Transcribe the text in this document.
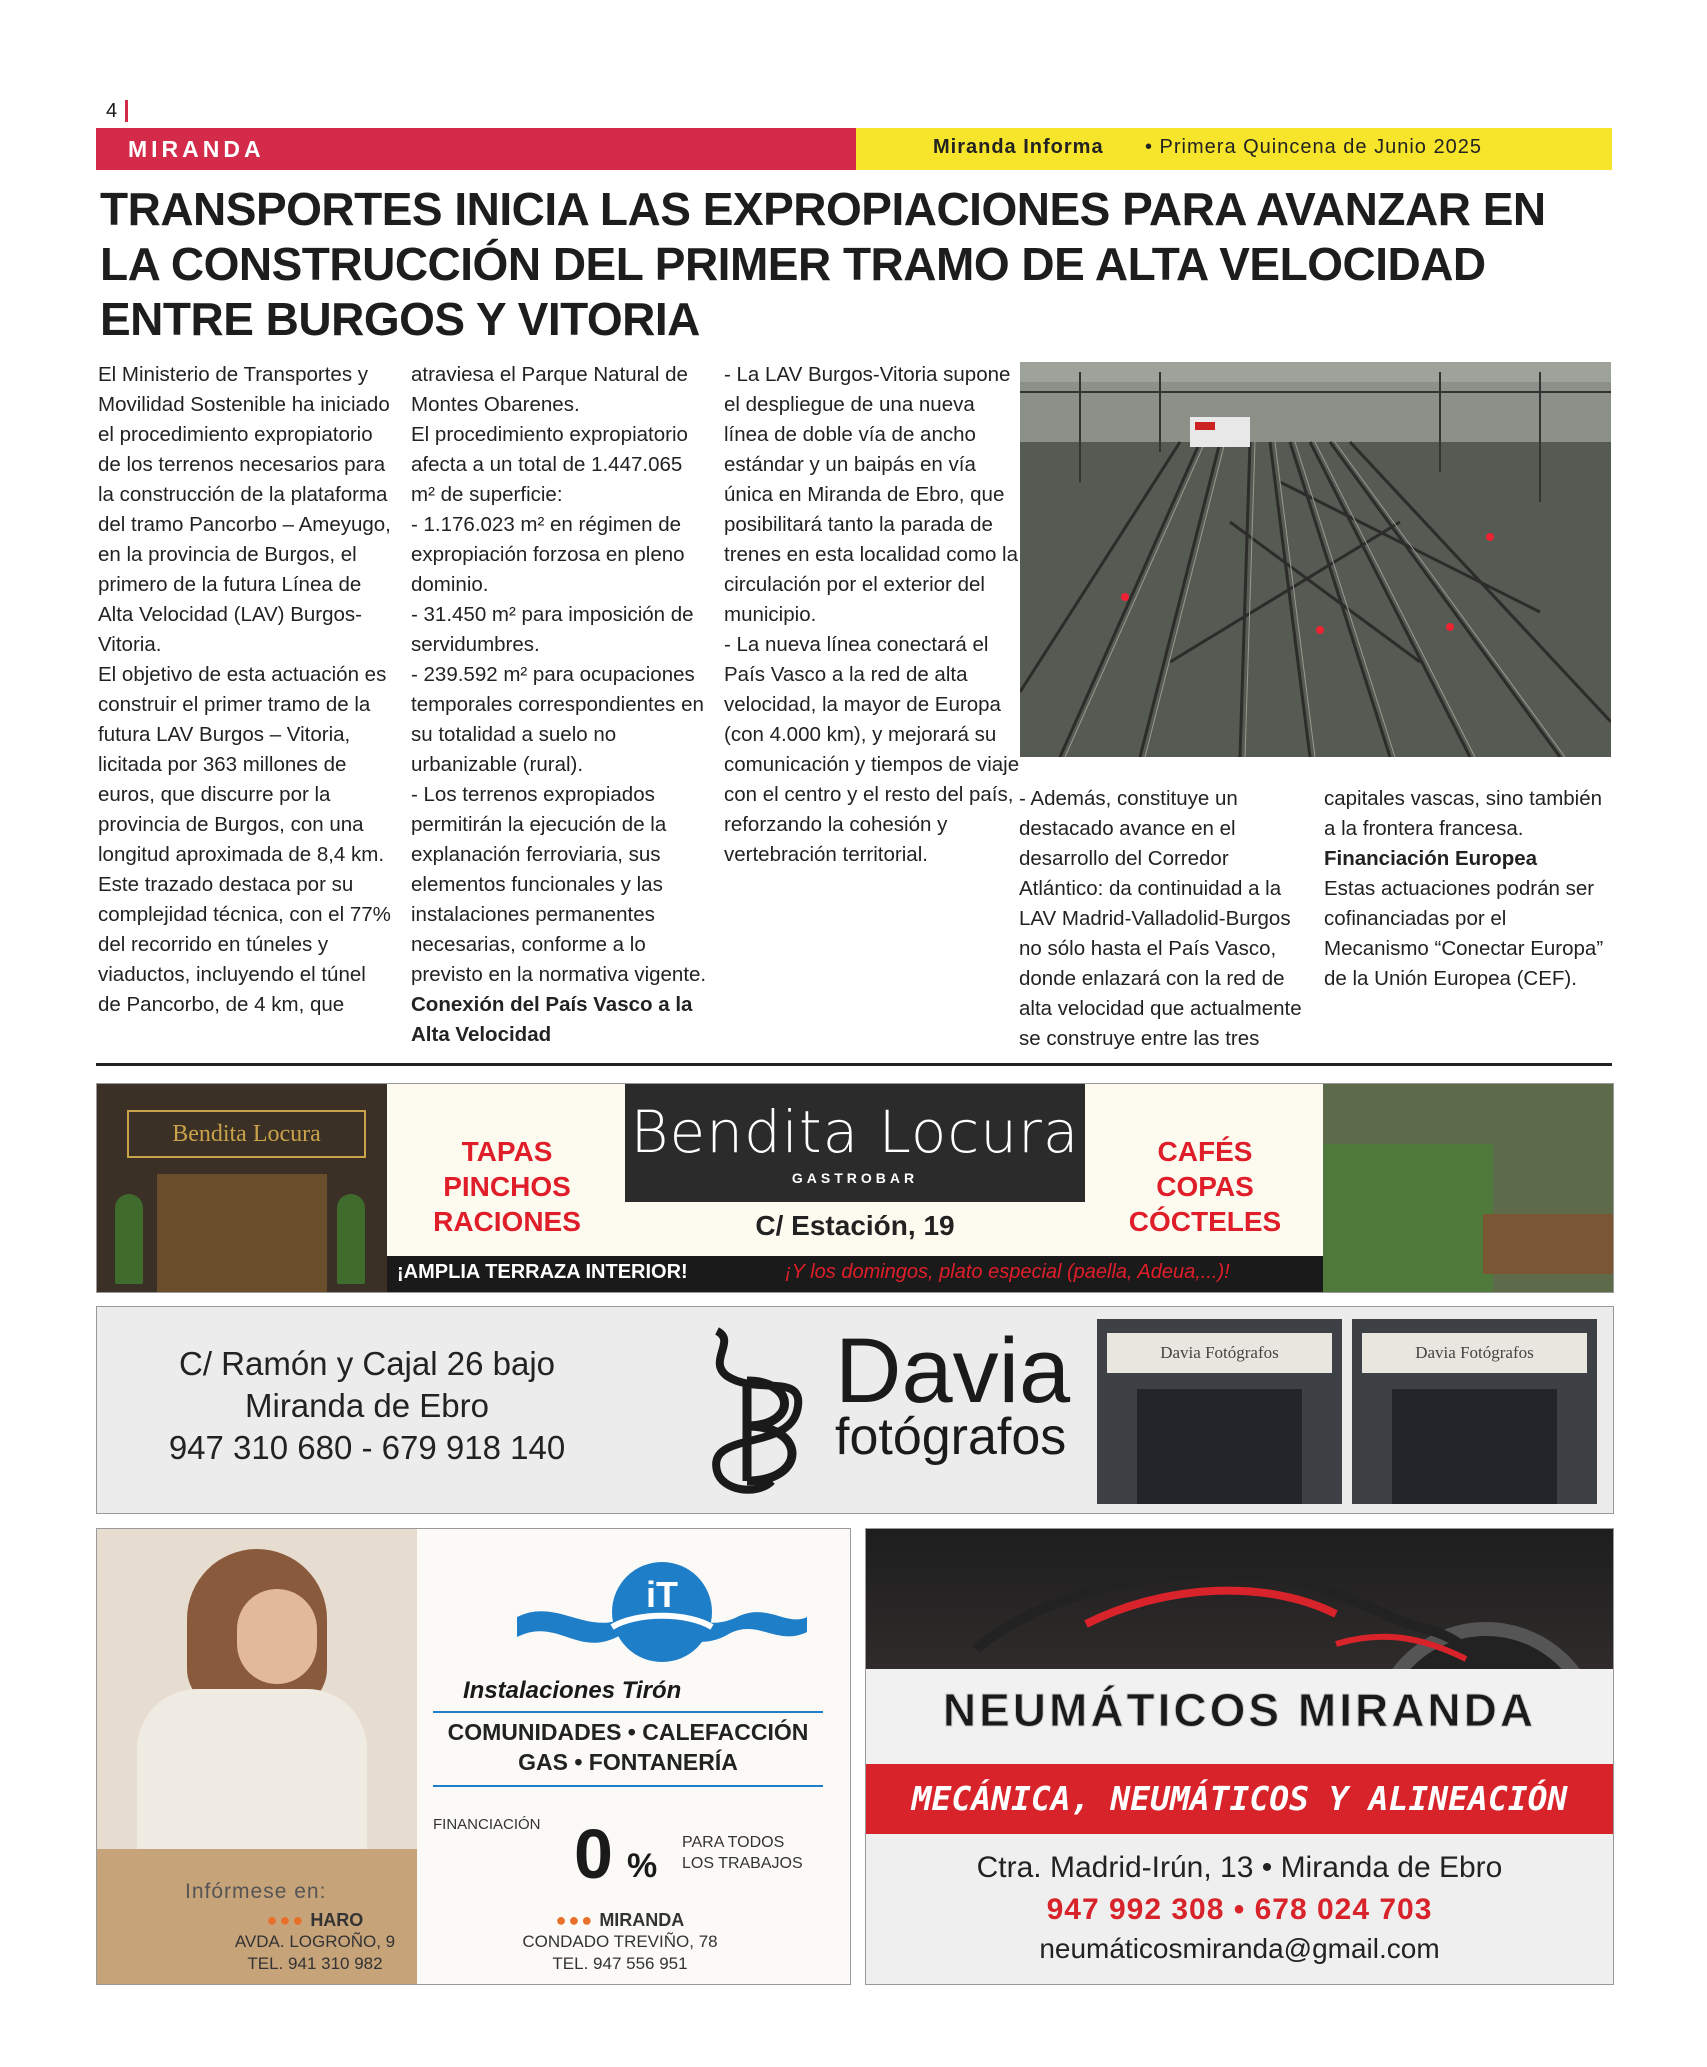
4
MIRANDA	Miranda Informa • Primera Quincena de Junio 2025
TRANSPORTES INICIA LAS EXPROPIACIONES PARA AVANZAR EN LA CONSTRUCCIÓN DEL PRIMER TRAMO DE ALTA VELOCIDAD ENTRE BURGOS Y VITORIA

El Ministerio de Transportes y Movilidad Sostenible ha iniciado el procedimiento expropiatorio de los terrenos necesarios para la construcción de la plataforma del tramo Pancorbo – Ameyugo, en la provincia de Burgos, el primero de la futura Línea de Alta Velocidad (LAV) Burgos-Vitoria.

El objetivo de esta actuación es construir el primer tramo de la futura LAV Burgos – Vitoria, licitada por 363 millones de euros, que discurre por la provincia de Burgos, con una longitud aproximada de 8,4 km. Este trazado destaca por su complejidad técnica, con el 77% del recorrido en túneles y viaductos, incluyendo el túnel de Pancorbo, de 4 km, que atraviesa el Parque Natural de Montes Obarenes.

El procedimiento expropiatorio afecta a un total de 1.447.065 m² de superficie:

- 1.176.023 m² en régimen de expropiación forzosa en pleno dominio.

- 31.450 m² para imposición de servidumbres.

- 239.592 m² para ocupaciones temporales correspondientes en su totalidad a suelo no urbanizable (rural).

- Los terrenos expropiados permitirán la ejecución de la explanación ferroviaria, sus elementos funcionales y las instalaciones permanentes necesarias, conforme a lo previsto en la normativa vigente.

Conexión del País Vasco a la Alta Velocidad

- La LAV Burgos-Vitoria supone el despliegue de una nueva línea de doble vía de ancho estándar y un baipás en vía única en Miranda de Ebro, que posibilitará tanto la parada de trenes en esta localidad como la circulación por el exterior del municipio.

- La nueva línea conectará el País Vasco a la red de alta velocidad, la mayor de Europa (con 4.000 km), y mejorará su comunicación y tiempos de viaje con el centro y el resto del país, reforzando la cohesión y vertebración territorial.

- Además, constituye un destacado avance en el desarrollo del Corredor Atlántico: da continuidad a la LAV Madrid-Valladolid-Burgos no sólo hasta el País Vasco, donde enlazará con la red de alta velocidad que actualmente se construye entre las tres capitales vascas, sino también a la frontera francesa.

Financiación Europea

Estas actuaciones podrán ser cofinanciadas por el Mecanismo “Conectar Europa” de la Unión Europea (CEF).

Bendita Locura
TAPAS
PINCHOS
RACIONES
Bendita Locura
GASTROBAR
C/ Estación, 19
CAFÉS
COPAS
CÓCTELES
¡AMPLIA TERRAZA INTERIOR!	¡Y los domingos, plato especial (paella, Adeua,...)!
C/ Ramón y Cajal 26 bajo
Miranda de Ebro
947 310 680 - 679 918 140
Davia
fotógrafos
Davia Fotógrafos	Davia Fotógrafos
iT
Instalaciones Tirón
COMUNIDADES • CALEFACCIÓN
GAS • FONTANERÍA
FINANCIACIÓN 0 %
PARA TODOS
LOS TRABAJOS
Infórmese en:
●●● HARO
AVDA. LOGROÑO, 9
TEL. 941 310 982
●●● MIRANDA
CONDADO TREVIÑO, 78
TEL. 947 556 951
NEUMÁTICOS MIRANDA
MECÁNICA, NEUMÁTICOS Y ALINEACIÓN
Ctra. Madrid-Irún, 13 • Miranda de Ebro
947 992 308 • 678 024 703
neumáticosmiranda@gmail.com
